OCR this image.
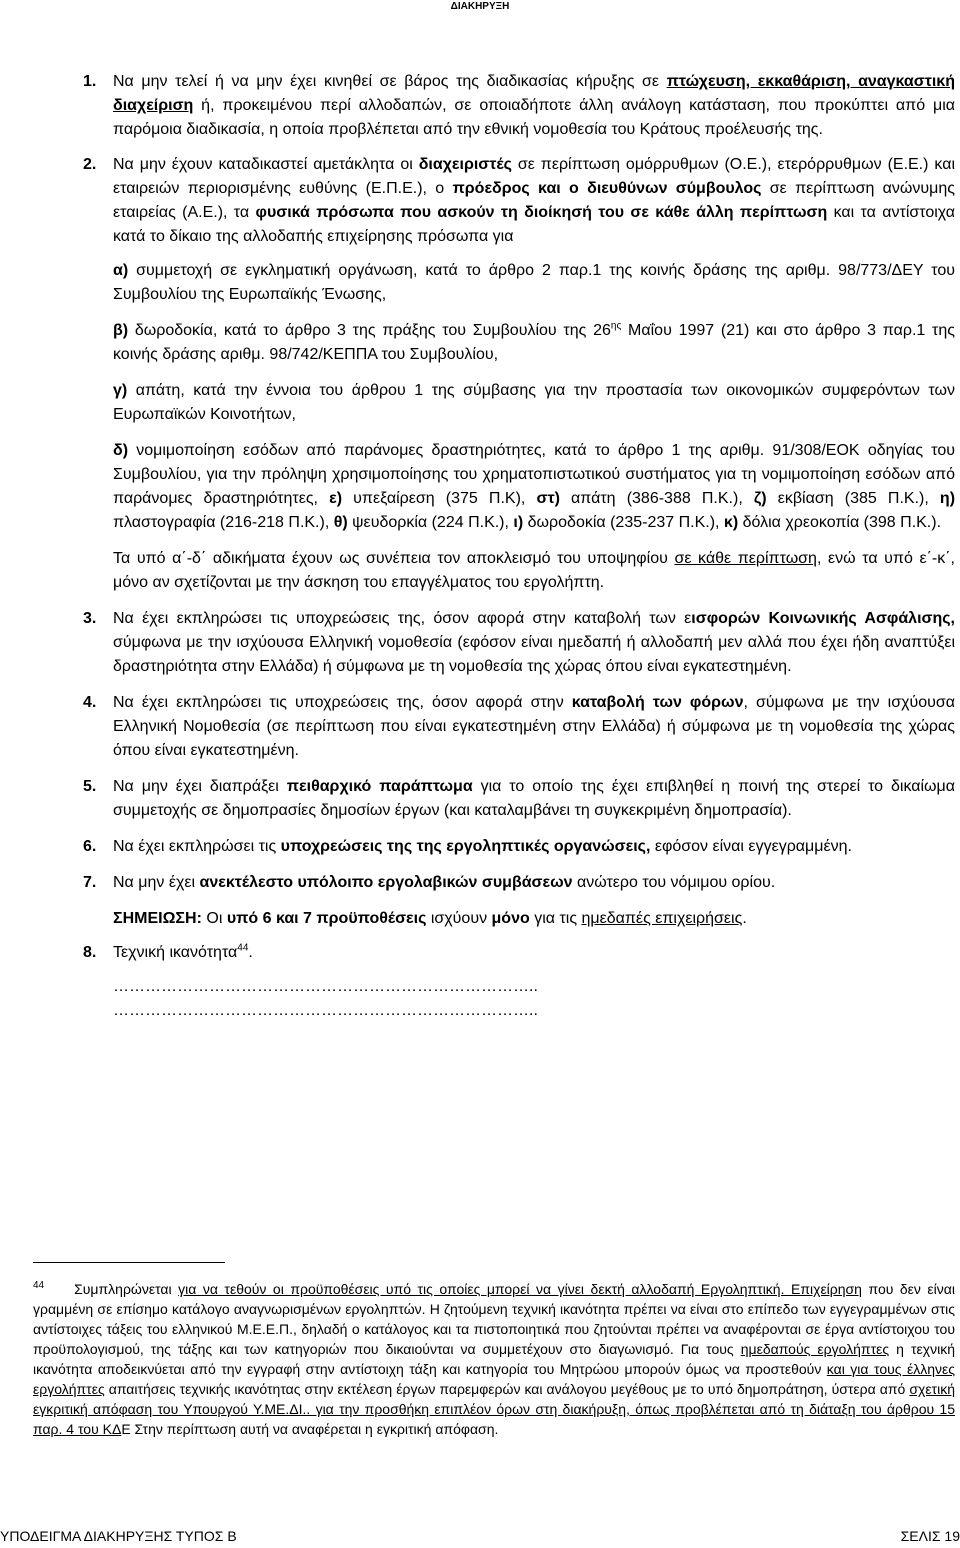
ΔΙΑΚΗΡΥΞΗ
1. Να μην τελεί ή να μην έχει κινηθεί σε βάρος της διαδικασίας κήρυξης σε πτώχευση, εκκαθάριση, αναγκαστική διαχείριση ή, προκειμένου περί αλλοδαπών, σε οποιαδήποτε άλλη ανάλογη κατάσταση, που προκύπτει από μια παρόμοια διαδικασία, η οποία προβλέπεται από την εθνική νομοθεσία του Κράτους προέλευσής της.
2. Να μην έχουν καταδικαστεί αμετάκλητα οι διαχειριστές σε περίπτωση ομόρρυθμων (Ο.Ε.), ετερόρρυθμων (Ε.Ε.) και εταιρειών περιορισμένης ευθύνης (Ε.Π.Ε.), ο πρόεδρος και ο διευθύνων σύμβουλος σε περίπτωση ανώνυμης εταιρείας (Α.Ε.), τα φυσικά πρόσωπα που ασκούν τη διοίκησή του σε κάθε άλλη περίπτωση και τα αντίστοιχα κατά το δίκαιο της αλλοδαπής επιχείρησης πρόσωπα για
α) συμμετοχή σε εγκληματική οργάνωση, κατά το άρθρο 2 παρ.1 της κοινής δράσης της αριθμ. 98/773/ΔΕΥ του Συμβουλίου της Ευρωπαϊκής Ένωσης,
β) δωροδοκία, κατά το άρθρο 3 της πράξης του Συμβουλίου της $26^{\eta\varsigma}$ Μαΐου 1997 (21) και στο άρθρο 3 παρ.1 της κοινής δράσης αριθμ. 98/742/ΚΕΠΠΑ του Συμβουλίου,
γ) απάτη, κατά την έννοια του άρθρου 1 της σύμβασης για την προστασία των οικονομικών συμφερόντων των Ευρωπαϊκών Κοινοτήτων,
δ) νομιμοποίηση εσόδων από παράνομες δραστηριότητες, κατά το άρθρο 1 της αριθμ. 91/308/ΕΟΚ οδηγίας του Συμβουλίου, για την πρόληψη χρησιμοποίησης του χρηματοπιστωτικού συστήματος για τη νομιμοποίηση εσόδων από παράνομες δραστηριότητες, ε) υπεξαίρεση (375 Π.Κ), στ) απάτη (386-388 Π.Κ.), ζ) εκβίαση (385 Π.Κ.), η) πλαστογραφία (216-218 Π.Κ.), θ) ψευδορκία (224 Π.Κ.), ι) δωροδοκία (235-237 Π.Κ.), κ) δόλια χρεοκοπία (398 Π.Κ.).
Τα υπό α΄-δ΄ αδικήματα έχουν ως συνέπεια τον αποκλεισμό του υποψηφίου σε κάθε περίπτωση, ενώ τα υπό ε΄-κ΄, μόνο αν σχετίζονται με την άσκηση του επαγγέλματος του εργολήπτη.
3. Να έχει εκπληρώσει τις υποχρεώσεις της, όσον αφορά στην καταβολή των εισφορών Κοινωνικής Ασφάλισης, σύμφωνα με την ισχύουσα Ελληνική νομοθεσία (εφόσον είναι ημεδαπή ή αλλοδαπή μεν αλλά που έχει ήδη αναπτύξει δραστηριότητα στην Ελλάδα) ή σύμφωνα με τη νομοθεσία της χώρας όπου είναι εγκατεστημένη.
4. Να έχει εκπληρώσει τις υποχρεώσεις της, όσον αφορά στην καταβολή των φόρων, σύμφωνα με την ισχύουσα Ελληνική Νομοθεσία (σε περίπτωση που είναι εγκατεστημένη στην Ελλάδα) ή σύμφωνα με τη νομοθεσία της χώρας όπου είναι εγκατεστημένη.
5. Να μην έχει διαπράξει πειθαρχικό παράπτωμα για το οποίο της έχει επιβληθεί η ποινή της στερεί το δικαίωμα συμμετοχής σε δημοπρασίες δημοσίων έργων (και καταλαμβάνει τη συγκεκριμένη δημοπρασία).
6. Να έχει εκπληρώσει τις υποχρεώσεις της της εργοληπτικές οργανώσεις, εφόσον είναι εγγεγραμμένη.
7. Να μην έχει ανεκτέλεστο υπόλοιπο εργολαβικών συμβάσεων ανώτερο του νόμιμου ορίου.
ΣΗΜΕΙΩΣΗ: Οι υπό 6 και 7 προϋποθέσεις ισχύουν μόνο για τις ημεδαπές επιχειρήσεις.
8. Τεχνική ικανότητα$^{44}$.
……………………………………………………………………..
……………………………………………………………………..
$^{44}$ Συμπληρώνεται για να τεθούν οι προϋποθέσεις υπό τις οποίες μπορεί να γίνει δεκτή αλλοδαπή Εργοληπτική. Επιχείρηση που δεν είναι γραμμένη σε επίσημο κατάλογο αναγνωρισμένων εργοληπτών. Η ζητούμενη τεχνική ικανότητα πρέπει να είναι στο επίπεδο των εγγεγραμμένων στις αντίστοιχες τάξεις του ελληνικού Μ.Ε.Ε.Π., δηλαδή ο κατάλογος και τα πιστοποιητικά που ζητούνται πρέπει να αναφέρονται σε έργα αντίστοιχου του προϋπολογισμού, της τάξης και των κατηγοριών που δικαιούνται να συμμετέχουν στο διαγωνισμό. Για τους ημεδαπούς εργολήπτες η τεχνική ικανότητα αποδεικνύεται από την εγγραφή στην αντίστοιχη τάξη και κατηγορία του Μητρώου μπορούν όμως να προστεθούν και για τους έλληνες εργολήπτες απαιτήσεις τεχνικής ικανότητας στην εκτέλεση έργων παρεμφερών και ανάλογου μεγέθους με το υπό δημοπράτηση, ύστερα από σχετική εγκριτική απόφαση του Υπουργού Υ.ΜΕ.ΔΙ.. για την προσθήκη επιπλέον όρων στη διακήρυξη, όπως προβλέπεται από τη διάταξη του άρθρου 15 παρ. 4 του ΚΔΕ Στην περίπτωση αυτή να αναφέρεται η εγκριτική απόφαση.
ΥΠΟΔΕΙΓΜΑ ΔΙΑΚΗΡΥΞΗΣ ΤΥΠΟΣ Β	ΣΕΛΙΣ 19
